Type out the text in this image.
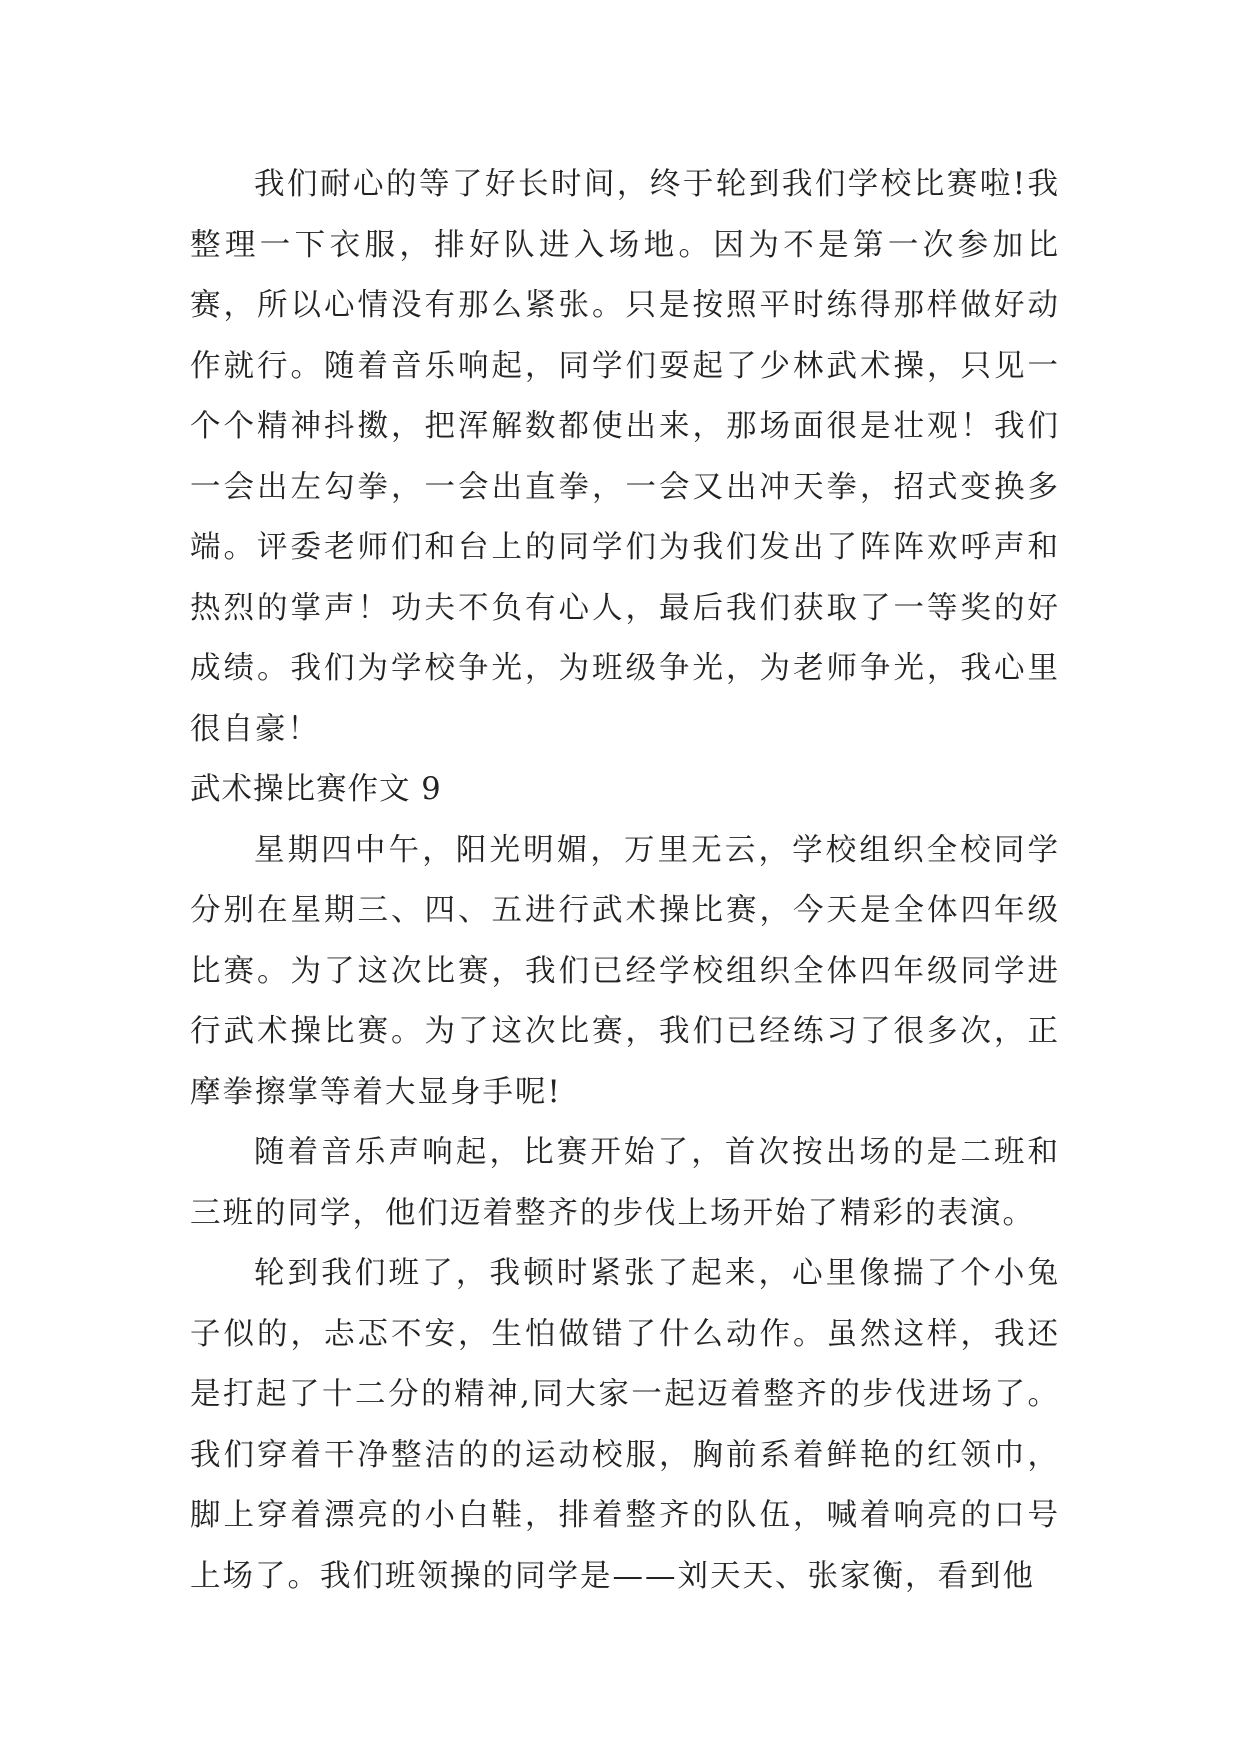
我们耐心的等了好长时间，终于轮到我们学校比赛啦!我整理一下衣服，排好队进入场地。因为不是第一次参加比赛，所以心情没有那么紧张。只是按照平时练得那样做好动作就行。随着音乐响起，同学们耍起了少林武术操，只见一个个精神抖擞，把浑解数都使出来，那场面很是壮观！我们一会出左勾拳，一会出直拳，一会又出冲天拳，招式变换多端。评委老师们和台上的同学们为我们发出了阵阵欢呼声和热烈的掌声！功夫不负有心人，最后我们获取了一等奖的好成绩。我们为学校争光，为班级争光，为老师争光，我心里很自豪！

武术操比赛作文 9

星期四中午，阳光明媚，万里无云，学校组织全校同学分别在星期三、四、五进行武术操比赛，今天是全体四年级比赛。为了这次比赛，我们已经学校组织全体四年级同学进行武术操比赛。为了这次比赛，我们已经练习了很多次，正摩拳擦掌等着大显身手呢!

随着音乐声响起，比赛开始了，首次按出场的是二班和三班的同学，他们迈着整齐的步伐上场开始了精彩的表演。

轮到我们班了，我顿时紧张了起来，心里像揣了个小兔子似的，忐忑不安，生怕做错了什么动作。虽然这样，我还是打起了十二分的精神,同大家一起迈着整齐的步伐进场了。我们穿着干净整洁的的运动校服，胸前系着鲜艳的红领巾，脚上穿着漂亮的小白鞋，排着整齐的队伍，喊着响亮的口号上场了。我们班领操的同学是——刘天天、张家衡，看到他
